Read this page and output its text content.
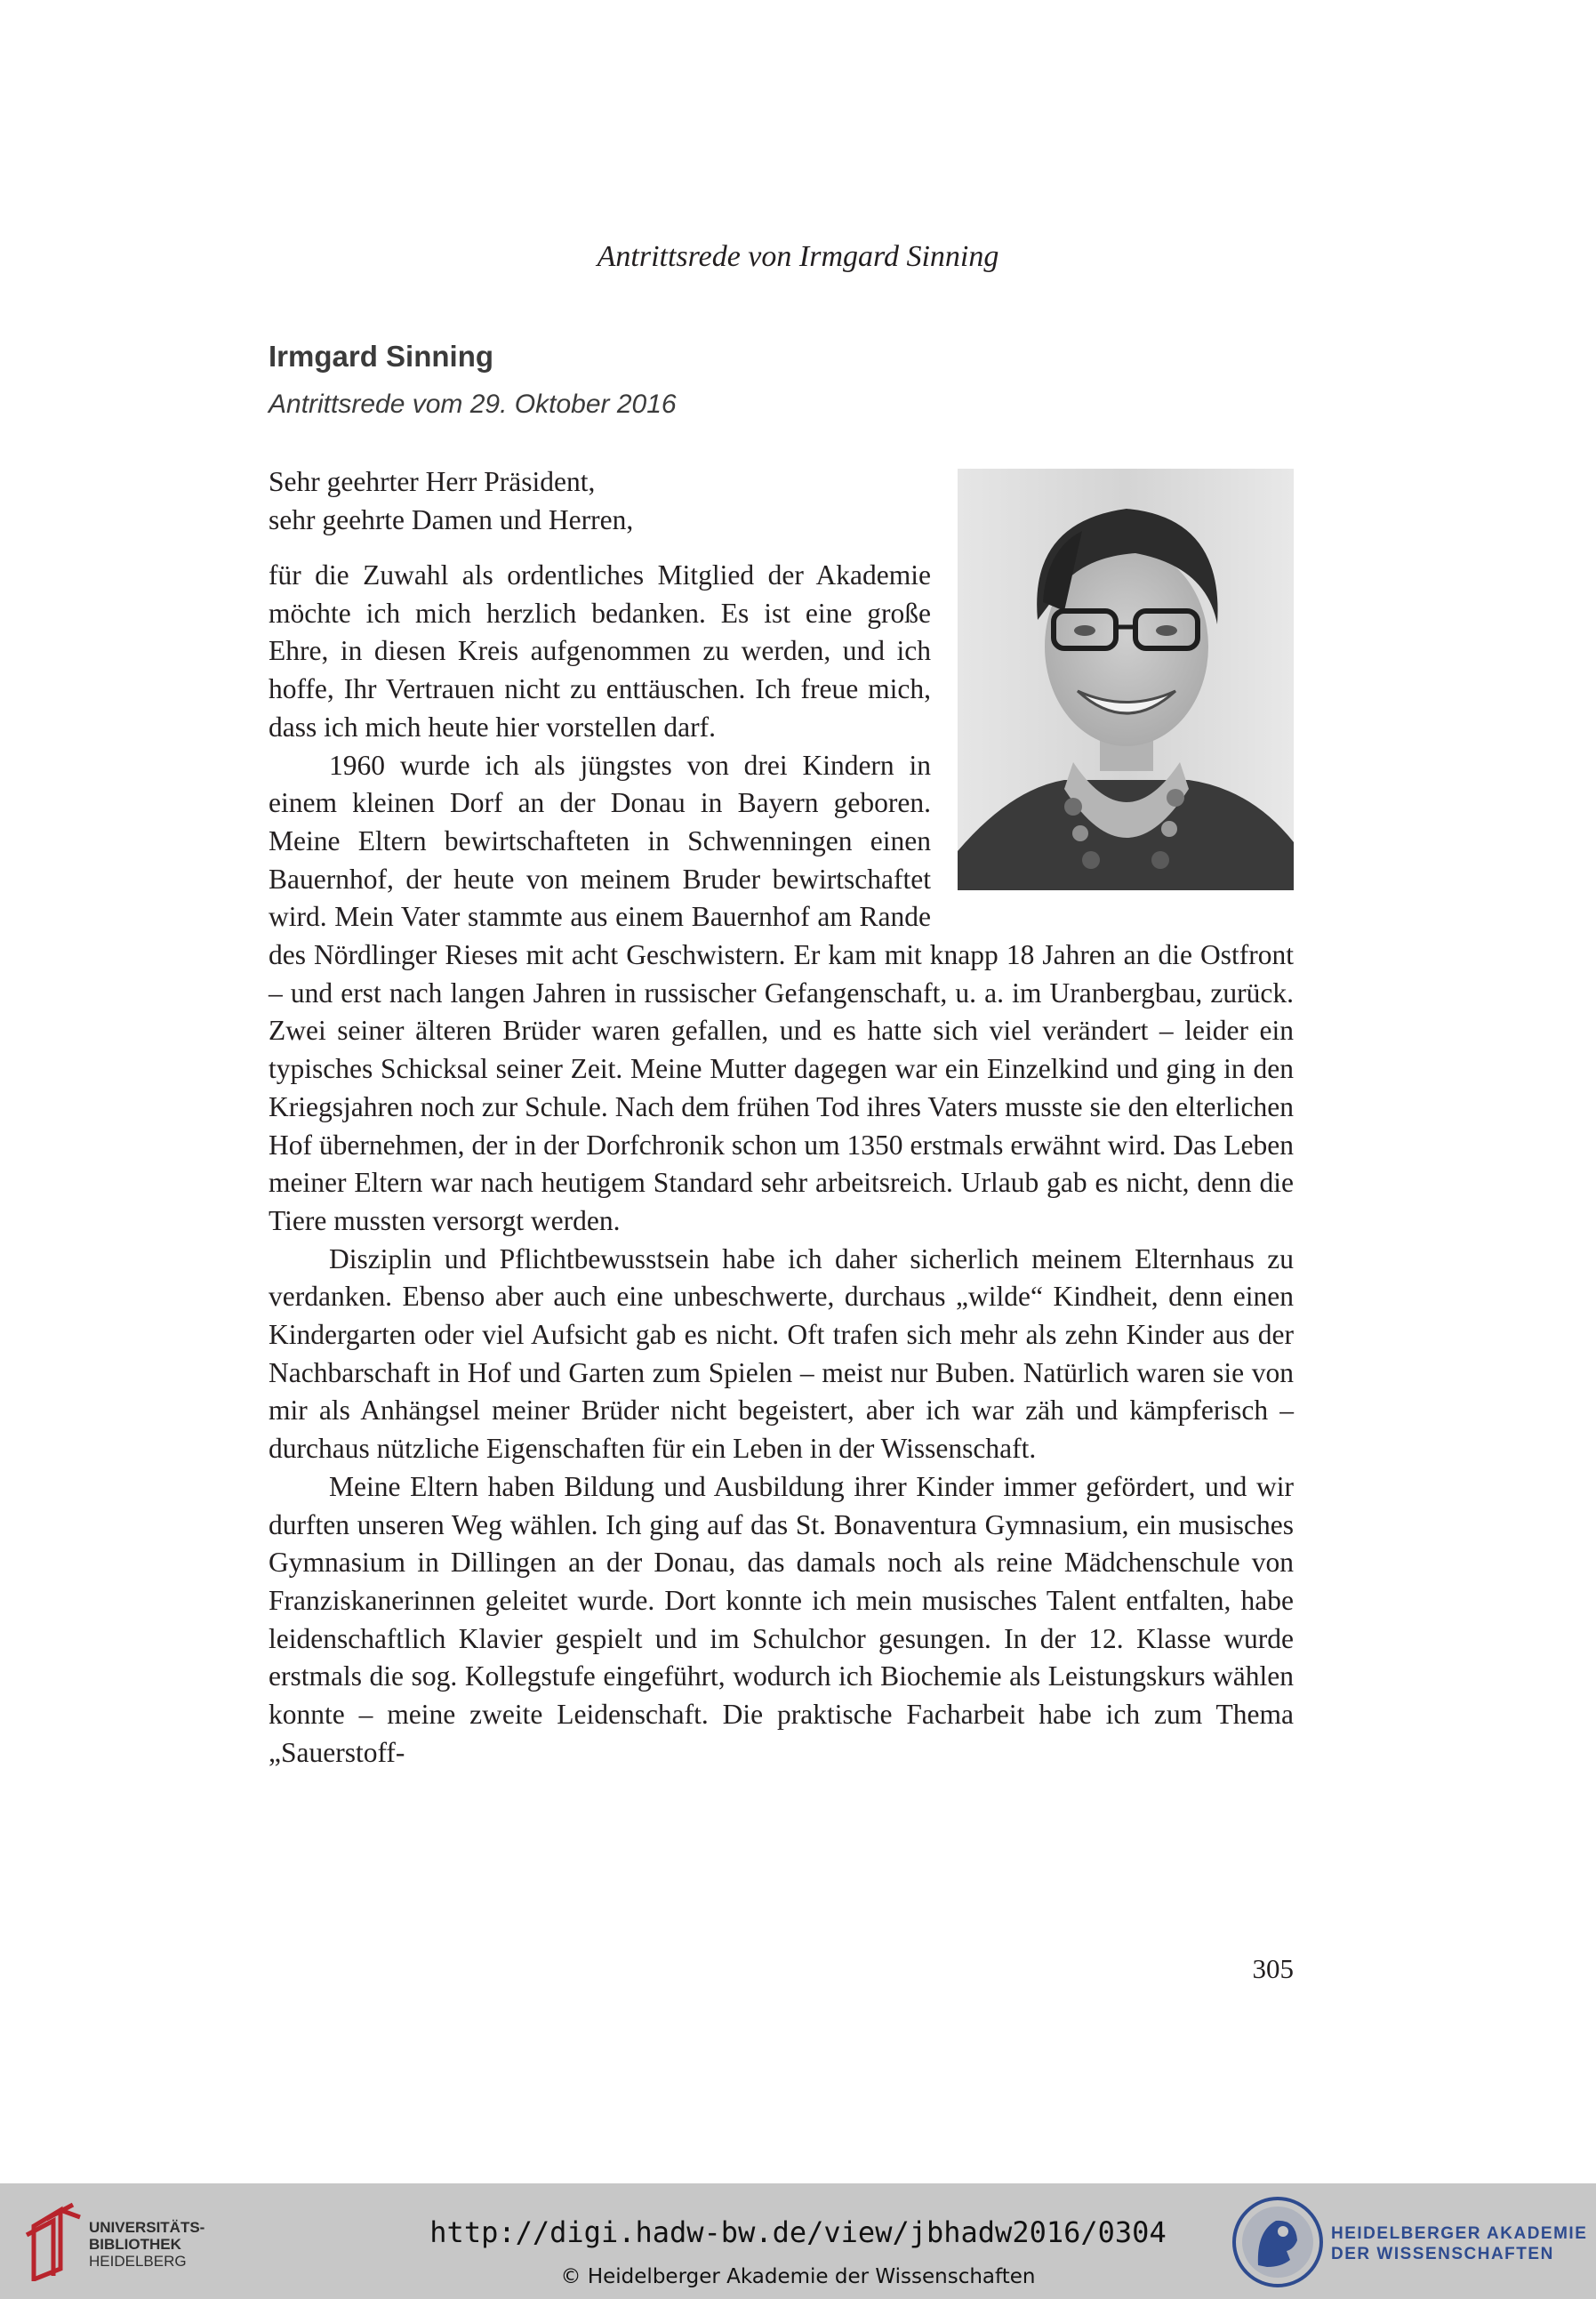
Antrittsrede von Irmgard Sinning
Irmgard Sinning
Antrittsrede vom 29. Oktober 2016
Sehr geehrter Herr Präsident,
sehr geehrte Damen und Herren,

für die Zuwahl als ordentliches Mitglied der Akademie möchte ich mich herzlich bedanken. Es ist eine große Ehre, in diesen Kreis aufgenommen zu werden, und ich hoffe, Ihr Vertrauen nicht zu enttäuschen. Ich freue mich, dass ich mich heute hier vorstellen darf.

1960 wurde ich als jüngstes von drei Kindern in einem kleinen Dorf an der Donau in Bayern geboren. Meine Eltern bewirtschafteten in Schwenningen einen Bauernhof, der heute von meinem Bruder bewirtschaftet wird. Mein Vater stammte aus einem Bauernhof am Rande des Nördlinger Rieses mit acht Geschwistern. Er kam mit knapp 18 Jahren an die Ostfront – und erst nach langen Jahren in russischer Gefangenschaft, u. a. im Uranbergbau, zurück. Zwei seiner älteren Brüder waren gefallen, und es hatte sich viel verändert – leider ein typisches Schicksal seiner Zeit. Meine Mutter dagegen war ein Einzelkind und ging in den Kriegsjahren noch zur Schule. Nach dem frühen Tod ihres Vaters musste sie den elterlichen Hof übernehmen, der in der Dorfchronik schon um 1350 erstmals erwähnt wird. Das Leben meiner Eltern war nach heutigem Standard sehr arbeitsreich. Urlaub gab es nicht, denn die Tiere mussten versorgt werden.

Disziplin und Pflichtbewusstsein habe ich daher sicherlich meinem Elternhaus zu verdanken. Ebenso aber auch eine unbeschwerte, durchaus „wilde“ Kindheit, denn einen Kindergarten oder viel Aufsicht gab es nicht. Oft trafen sich mehr als zehn Kinder aus der Nachbarschaft in Hof und Garten zum Spielen – meist nur Buben. Natürlich waren sie von mir als Anhängsel meiner Brüder nicht begeistert, aber ich war zäh und kämpferisch – durchaus nützliche Eigenschaften für ein Leben in der Wissenschaft.

Meine Eltern haben Bildung und Ausbildung ihrer Kinder immer gefördert, und wir durften unseren Weg wählen. Ich ging auf das St. Bonaventura Gymnasium, ein musisches Gymnasium in Dillingen an der Donau, das damals noch als reine Mädchenschule von Franziskanerinnen geleitet wurde. Dort konnte ich mein musisches Talent entfalten, habe leidenschaftlich Klavier gespielt und im Schulchor gesungen. In der 12. Klasse wurde erstmals die sog. Kollegstufe eingeführt, wodurch ich Biochemie als Leistungskurs wählen konnte – meine zweite Leidenschaft. Die praktische Facharbeit habe ich zum Thema „Sauerstoff-

305
UNIVERSITÄTS-
BIBLIOTHEK
HEIDELBERG
http://digi.hadw-bw.de/view/jbhadw2016/0304
© Heidelberger Akademie der Wissenschaften
HEIDELBERGER AKADEMIE
DER WISSENSCHAFTEN
